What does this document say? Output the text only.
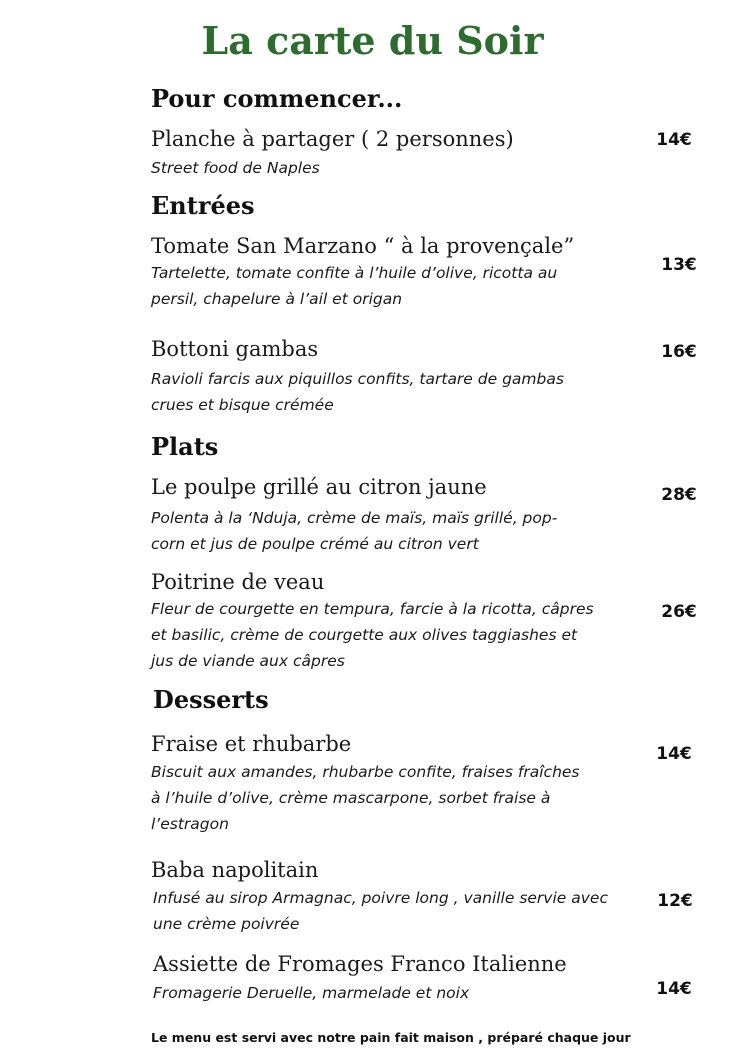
La carte du Soir
Pour commencer...
Planche à partager ( 2 personnes)
Street food de Naples
14€
Entrées
Tomate San Marzano “ à la provençale”
Tartelette, tomate confite à l’huile d’olive, ricotta au
persil, chapelure à l’ail et origan
13€
Bottoni gambas
Ravioli farcis aux piquillos confits, tartare de gambas
crues et bisque crémée
16€
Plats
Le poulpe grillé au citron jaune
Polenta à la ‘Nduja, crème de maïs, maïs grillé, pop-
corn et jus de poulpe crémé au citron vert
28€
Poitrine de veau
Fleur de courgette en tempura, farcie à la ricotta, câpres
et basilic, crème de courgette aux olives taggiashes et
jus de viande aux câpres
26€
Desserts
Fraise et rhubarbe
Biscuit aux amandes, rhubarbe confite, fraises fraîches
à l’huile d’olive, crème mascarpone, sorbet fraise à
l’estragon
14€
Baba napolitain
Infusé au sirop Armagnac, poivre long , vanille servie avec
une crème poivrée
12€
Assiette de Fromages Franco Italienne
Fromagerie Deruelle, marmelade et noix	14€
Le menu est servi avec notre pain fait maison , préparé chaque jour
